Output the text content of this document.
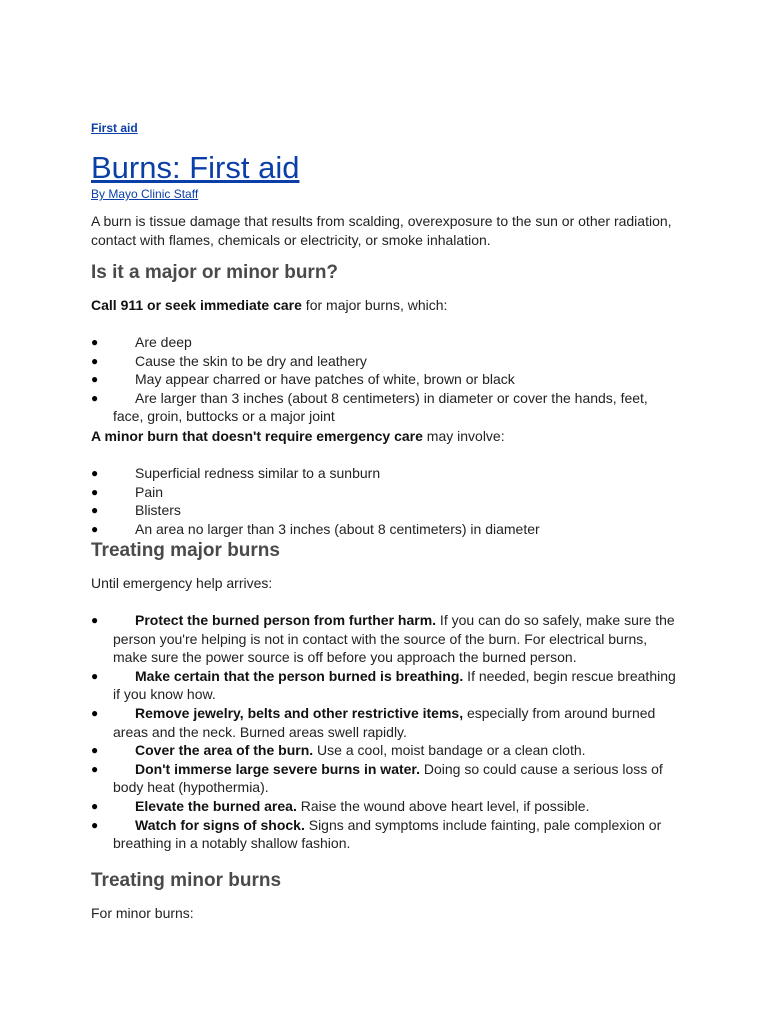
First aid
Burns: First aid
By Mayo Clinic Staff

A burn is tissue damage that results from scalding, overexposure to the sun or other radiation, contact with flames, chemicals or electricity, or smoke inhalation.

Is it a major or minor burn?

Call 911 or seek immediate care for major burns, which:

●	Are deep
●	Cause the skin to be dry and leathery
●	May appear charred or have patches of white, brown or black
●	Are larger than 3 inches (about 8 centimeters) in diameter or cover the hands, feet, face, groin, buttocks or a major joint

A minor burn that doesn't require emergency care may involve:

●	Superficial redness similar to a sunburn
●	Pain
●	Blisters
●	An area no larger than 3 inches (about 8 centimeters) in diameter
Treating major burns

Until emergency help arrives:

●	Protect the burned person from further harm. If you can do so safely, make sure the person you're helping is not in contact with the source of the burn. For electrical burns, make sure the power source is off before you approach the burned person.
●	Make certain that the person burned is breathing. If needed, begin rescue breathing if you know how.
●	Remove jewelry, belts and other restrictive items, especially from around burned areas and the neck. Burned areas swell rapidly.
●	Cover the area of the burn. Use a cool, moist bandage or a clean cloth.
●	Don't immerse large severe burns in water. Doing so could cause a serious loss of body heat (hypothermia).
●	Elevate the burned area. Raise the wound above heart level, if possible.
●	Watch for signs of shock. Signs and symptoms include fainting, pale complexion or breathing in a notably shallow fashion.
Treating minor burns

For minor burns:
